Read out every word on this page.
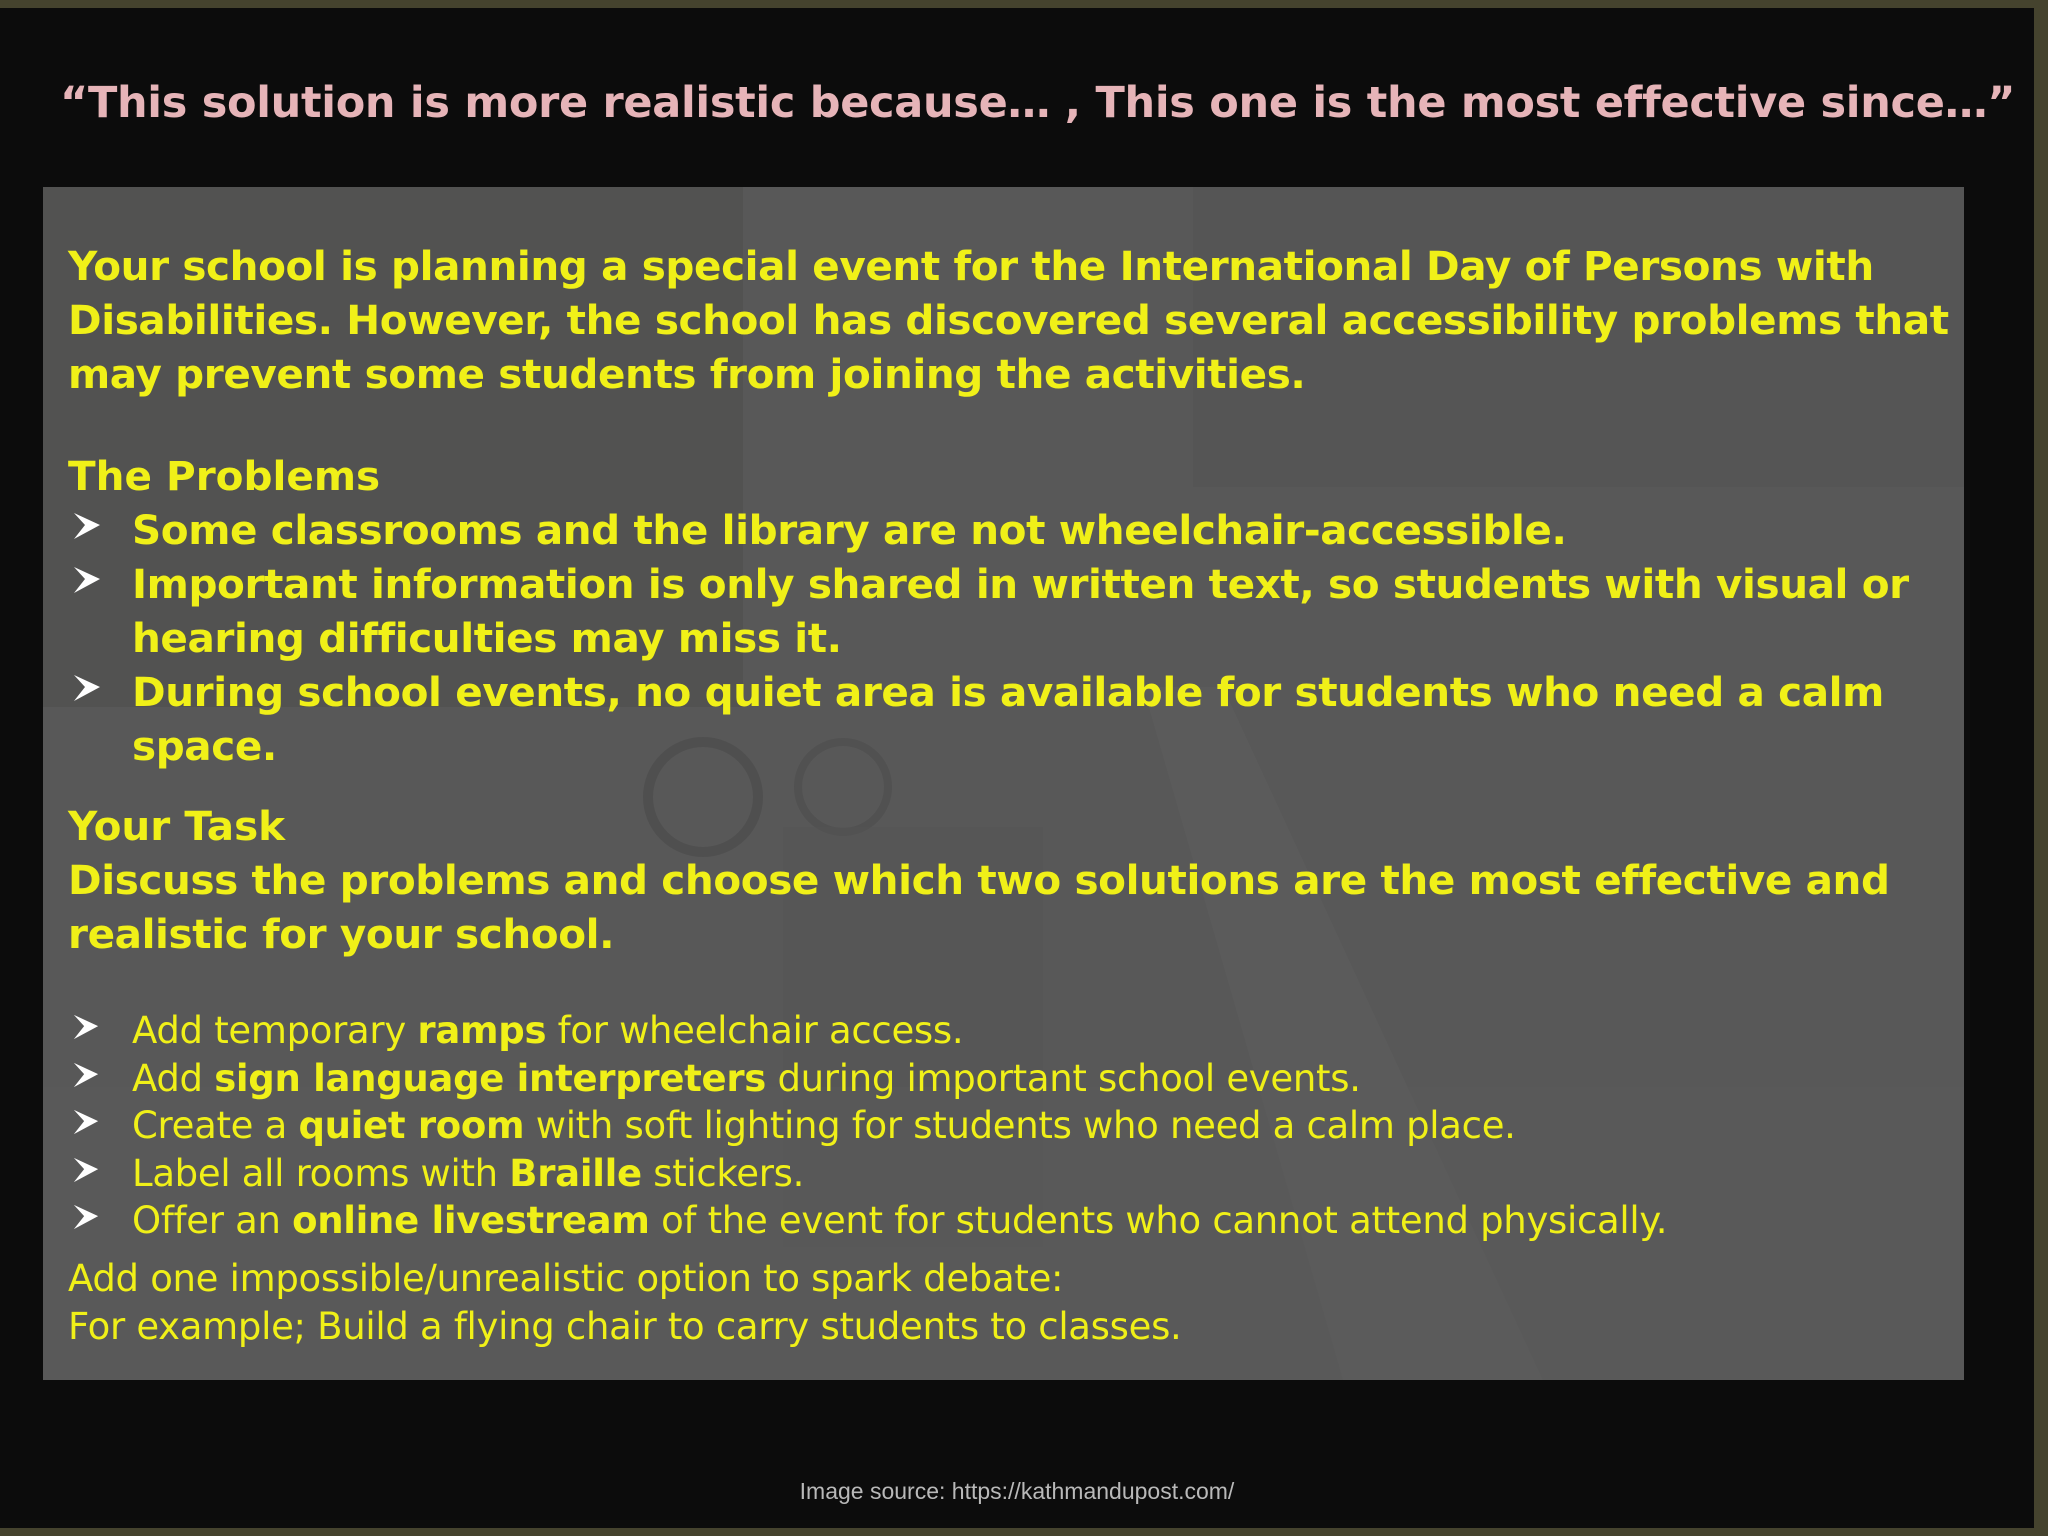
“This solution is more realistic because… , This one is the most effective since…”

Your school is planning a special event for the International Day of Persons with Disabilities. However, the school has discovered several accessibility problems that may prevent some students from joining the activities.

The Problems

Some classrooms and the library are not wheelchair-accessible.
Important information is only shared in written text, so students with visual or hearing difficulties may miss it.
During school events, no quiet area is available for students who need a calm space.

Your Task

Discuss the problems and choose which two solutions are the most effective and realistic for your school.

Add temporary ramps for wheelchair access.
Add sign language interpreters during important school events.
Create a quiet room with soft lighting for students who need a calm place.
Label all rooms with Braille stickers.
Offer an online livestream of the event for students who cannot attend physically.

Add one impossible/unrealistic option to spark debate:

For example; Build a flying chair to carry students to classes.

Image source: https://kathmandupost.com/
